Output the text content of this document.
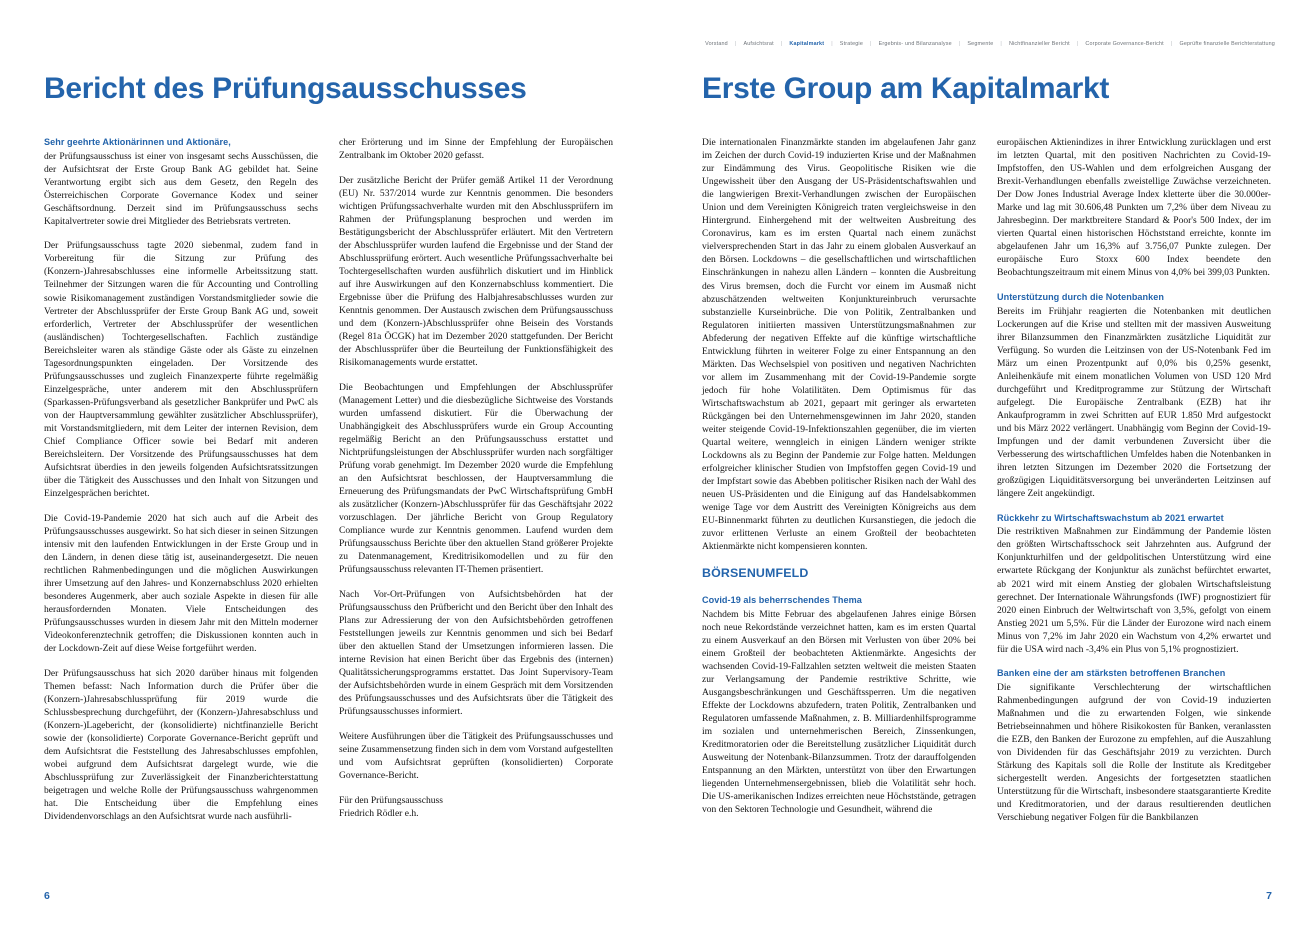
Bericht des Prüfungsausschusses
Sehr geehrte Aktionärinnen und Aktionäre,

der Prüfungsausschuss ist einer von insgesamt sechs Ausschüssen, die der Aufsichtsrat der Erste Group Bank AG gebildet hat. Seine Verantwortung ergibt sich aus dem Gesetz, den Regeln des Österreichischen Corporate Governance Kodex und seiner Geschäftsordnung. Derzeit sind im Prüfungsausschuss sechs Kapitalvertreter sowie drei Mitglieder des Betriebsrats vertreten.

Der Prüfungsausschuss tagte 2020 siebenmal, zudem fand in Vorbereitung für die Sitzung zur Prüfung des (Konzern-)Jahresabschlusses eine informelle Arbeitssitzung statt. Teilnehmer der Sitzungen waren die für Accounting und Controlling sowie Risikomanagement zuständigen Vorstandsmitglieder sowie die Vertreter der Abschlussprüfer der Erste Group Bank AG und, soweit erforderlich, Vertreter der Abschlussprüfer der wesentlichen (ausländischen) Tochtergesellschaften. Fachlich zuständige Bereichsleiter waren als ständige Gäste oder als Gäste zu einzelnen Tagesordnungspunkten eingeladen. Der Vorsitzende des Prüfungsausschusses und zugleich Finanzexperte führte regelmäßig Einzelgespräche, unter anderem mit den Abschlussprüfern (Sparkassen-Prüfungsverband als gesetzlicher Bankprüfer und PwC als von der Hauptversammlung gewählter zusätzlicher Abschlussprüfer), mit Vorstandsmitgliedern, mit dem Leiter der internen Revision, dem Chief Compliance Officer sowie bei Bedarf mit anderen Bereichsleitern. Der Vorsitzende des Prüfungsausschusses hat dem Aufsichtsrat überdies in den jeweils folgenden Aufsichtsratssitzungen über die Tätigkeit des Ausschusses und den Inhalt von Sitzungen und Einzelgesprächen berichtet.

Die Covid-19-Pandemie 2020 hat sich auch auf die Arbeit des Prüfungsausschusses ausgewirkt. So hat sich dieser in seinen Sitzungen intensiv mit den laufenden Entwicklungen in der Erste Group und in den Ländern, in denen diese tätig ist, auseinandergesetzt. Die neuen rechtlichen Rahmenbedingungen und die möglichen Auswirkungen ihrer Umsetzung auf den Jahres- und Konzernabschluss 2020 erhielten besonderes Augenmerk, aber auch soziale Aspekte in diesen für alle herausfordernden Monaten. Viele Entscheidungen des Prüfungsausschusses wurden in diesem Jahr mit den Mitteln moderner Videokonferenztechnik getroffen; die Diskussionen konnten auch in der Lockdown-Zeit auf diese Weise fortgeführt werden.

Der Prüfungsausschuss hat sich 2020 darüber hinaus mit folgenden Themen befasst: Nach Information durch die Prüfer über die (Konzern-)Jahresabschlussprüfung für 2019 wurde die Schlussbesprechung durchgeführt, der (Konzern-)Jahresabschluss und (Konzern-)Lagebericht, der (konsolidierte) nichtfinanzielle Bericht sowie der (konsolidierte) Corporate Governance-Bericht geprüft und dem Aufsichtsrat die Feststellung des Jahresabschlusses empfohlen, wobei aufgrund dem Aufsichtsrat dargelegt wurde, wie die Abschlussprüfung zur Zuverlässigkeit der Finanzberichterstattung beigetragen und welche Rolle der Prüfungsausschuss wahrgenommen hat. Die Entscheidung über die Empfehlung eines Dividendenvorschlags an den Aufsichtsrat wurde nach ausführli-

cher Erörterung und im Sinne der Empfehlung der Europäischen Zentralbank im Oktober 2020 gefasst.

Der zusätzliche Bericht der Prüfer gemäß Artikel 11 der Verordnung (EU) Nr. 537/2014 wurde zur Kenntnis genommen. Die besonders wichtigen Prüfungssachverhalte wurden mit den Abschlussprüfern im Rahmen der Prüfungsplanung besprochen und werden im Bestätigungsbericht der Abschlussprüfer erläutert. Mit den Vertretern der Abschlussprüfer wurden laufend die Ergebnisse und der Stand der Abschlussprüfung erörtert. Auch wesentliche Prüfungssachverhalte bei Tochtergesellschaften wurden ausführlich diskutiert und im Hinblick auf ihre Auswirkungen auf den Konzernabschluss kommentiert. Die Ergebnisse über die Prüfung des Halbjahresabschlusses wurden zur Kenntnis genommen. Der Austausch zwischen dem Prüfungsausschuss und dem (Konzern-)Abschlussprüfer ohne Beisein des Vorstands (Regel 81a ÖCGK) hat im Dezember 2020 stattgefunden. Der Bericht der Abschlussprüfer über die Beurteilung der Funktionsfähigkeit des Risikomanagements wurde erstattet.

Die Beobachtungen und Empfehlungen der Abschlussprüfer (Management Letter) und die diesbezügliche Sichtweise des Vorstands wurden umfassend diskutiert. Für die Überwachung der Unabhängigkeit des Abschlussprüfers wurde ein Group Accounting regelmäßig Bericht an den Prüfungsausschuss erstattet und Nichtprüfungsleistungen der Abschlussprüfer wurden nach sorgfältiger Prüfung vorab genehmigt. Im Dezember 2020 wurde die Empfehlung an den Aufsichtsrat beschlossen, der Hauptversammlung die Erneuerung des Prüfungsmandats der PwC Wirtschaftsprüfung GmbH als zusätzlicher (Konzern-)Abschlussprüfer für das Geschäftsjahr 2022 vorzuschlagen. Der jährliche Bericht von Group Regulatory Compliance wurde zur Kenntnis genommen. Laufend wurden dem Prüfungsausschuss Berichte über den aktuellen Stand größerer Projekte zu Datenmanagement, Kreditrisikomodellen und zu für den Prüfungsausschuss relevanten IT-Themen präsentiert.

Nach Vor-Ort-Prüfungen von Aufsichtsbehörden hat der Prüfungsausschuss den Prüfbericht und den Bericht über den Inhalt des Plans zur Adressierung der von den Aufsichtsbehörden getroffenen Feststellungen jeweils zur Kenntnis genommen und sich bei Bedarf über den aktuellen Stand der Umsetzungen informieren lassen. Die interne Revision hat einen Bericht über das Ergebnis des (internen) Qualitätssicherungsprogramms erstattet. Das Joint Supervisory-Team der Aufsichtsbehörden wurde in einem Gespräch mit dem Vorsitzenden des Prüfungsausschusses und des Aufsichtsrats über die Tätigkeit des Prüfungsausschusses informiert.

Weitere Ausführungen über die Tätigkeit des Prüfungsausschusses und seine Zusammensetzung finden sich in dem vom Vorstand aufgestellten und vom Aufsichtsrat geprüften (konsolidierten) Corporate Governance-Bericht.

Für den Prüfungsausschuss
Friedrich Rödler e.h.
6
Vorstand	|	Aufsichtsrat	|	Kapitalmarkt	|	Strategie	|	Ergebnis- und Bilanzanalyse	|	Segmente	|	Nichtfinanzieller Bericht	|	Corporate Governance-Bericht	|	Geprüfte finanzielle Berichterstattung
Erste Group am Kapitalmarkt

Die internationalen Finanzmärkte standen im abgelaufenen Jahr ganz im Zeichen der durch Covid-19 induzierten Krise und der Maßnahmen zur Eindämmung des Virus. Geopolitische Risiken wie die Ungewissheit über den Ausgang der US-Präsidentschaftswahlen und die langwierigen Brexit-Verhandlungen zwischen der Europäischen Union und dem Vereinigten Königreich traten vergleichsweise in den Hintergrund. Einhergehend mit der weltweiten Ausbreitung des Coronavirus, kam es im ersten Quartal nach einem zunächst vielversprechenden Start in das Jahr zu einem globalen Ausverkauf an den Börsen. Lockdowns – die gesellschaftlichen und wirtschaftlichen Einschränkungen in nahezu allen Ländern – konnten die Ausbreitung des Virus bremsen, doch die Furcht vor einem im Ausmaß nicht abzuschätzenden weltweiten Konjunktureinbruch verursachte substanzielle Kurseinbrüche. Die von Politik, Zentralbanken und Regulatoren initiierten massiven Unterstützungsmaßnahmen zur Abfederung der negativen Effekte auf die künftige wirtschaftliche Entwicklung führten in weiterer Folge zu einer Entspannung an den Märkten. Das Wechselspiel von positiven und negativen Nachrichten vor allem im Zusammenhang mit der Covid-19-Pandemie sorgte jedoch für hohe Volatilitäten. Dem Optimismus für das Wirtschaftswachstum ab 2021, gepaart mit geringer als erwarteten Rückgängen bei den Unternehmensgewinnen im Jahr 2020, standen weiter steigende Covid-19-Infektionszahlen gegenüber, die im vierten Quartal weitere, wenngleich in einigen Ländern weniger strikte Lockdowns als zu Beginn der Pandemie zur Folge hatten. Meldungen erfolgreicher klinischer Studien von Impfstoffen gegen Covid-19 und der Impfstart sowie das Abebben politischer Risiken nach der Wahl des neuen US-Präsidenten und die Einigung auf das Handelsabkommen wenige Tage vor dem Austritt des Vereinigten Königreichs aus dem EU-Binnenmarkt führten zu deutlichen Kursanstiegen, die jedoch die zuvor erlittenen Verluste an einem Großteil der beobachteten Aktienmärkte nicht kompensieren konnten.

BÖRSENUMFELD
Covid-19 als beherrschendes Thema

Nachdem bis Mitte Februar des abgelaufenen Jahres einige Börsen noch neue Rekordstände verzeichnet hatten, kam es im ersten Quartal zu einem Ausverkauf an den Börsen mit Verlusten von über 20% bei einem Großteil der beobachteten Aktienmärkte. Angesichts der wachsenden Covid-19-Fallzahlen setzten weltweit die meisten Staaten zur Verlangsamung der Pandemie restriktive Schritte, wie Ausgangsbeschränkungen und Geschäftssperren. Um die negativen Effekte der Lockdowns abzufedern, traten Politik, Zentralbanken und Regulatoren umfassende Maßnahmen, z. B. Milliardenhilfsprogramme im sozialen und unternehmerischen Bereich, Zinssenkungen, Kreditmoratorien oder die Bereitstellung zusätzlicher Liquidität durch Ausweitung der Notenbank-Bilanzsummen. Trotz der darauffolgenden Entspannung an den Märkten, unterstützt von über den Erwartungen liegenden Unternehmensergebnissen, blieb die Volatilität sehr hoch. Die US-amerikanischen Indizes erreichten neue Höchststände, getragen von den Sektoren Technologie und Gesundheit, während die

europäischen Aktienindizes in ihrer Entwicklung zurücklagen und erst im letzten Quartal, mit den positiven Nachrichten zu Covid-19-Impfstoffen, den US-Wahlen und dem erfolgreichen Ausgang der Brexit-Verhandlungen ebenfalls zweistellige Zuwächse verzeichneten. Der Dow Jones Industrial Average Index kletterte über die 30.000er-Marke und lag mit 30.606,48 Punkten um 7,2% über dem Niveau zu Jahresbeginn. Der marktbreitere Standard & Poor's 500 Index, der im vierten Quartal einen historischen Höchststand erreichte, konnte im abgelaufenen Jahr um 16,3% auf 3.756,07 Punkte zulegen. Der europäische Euro Stoxx 600 Index beendete den Beobachtungszeitraum mit einem Minus von 4,0% bei 399,03 Punkten.

Unterstützung durch die Notenbanken

Bereits im Frühjahr reagierten die Notenbanken mit deutlichen Lockerungen auf die Krise und stellten mit der massiven Ausweitung ihrer Bilanzsummen den Finanzmärkten zusätzliche Liquidität zur Verfügung. So wurden die Leitzinsen von der US-Notenbank Fed im März um einen Prozentpunkt auf 0,0% bis 0,25% gesenkt, Anleihenkäufe mit einem monatlichen Volumen von USD 120 Mrd durchgeführt und Kreditprogramme zur Stützung der Wirtschaft aufgelegt. Die Europäische Zentralbank (EZB) hat ihr Ankaufprogramm in zwei Schritten auf EUR 1.850 Mrd aufgestockt und bis März 2022 verlängert. Unabhängig vom Beginn der Covid-19-Impfungen und der damit verbundenen Zuversicht über die Verbesserung des wirtschaftlichen Umfeldes haben die Notenbanken in ihren letzten Sitzungen im Dezember 2020 die Fortsetzung der großzügigen Liquiditätsversorgung bei unveränderten Leitzinsen auf längere Zeit angekündigt.

Rückkehr zu Wirtschaftswachstum ab 2021 erwartet

Die restriktiven Maßnahmen zur Eindämmung der Pandemie lösten den größten Wirtschaftsschock seit Jahrzehnten aus. Aufgrund der Konjunkturhilfen und der geldpolitischen Unterstützung wird eine erwartete Rückgang der Konjunktur als zunächst befürchtet erwartet, ab 2021 wird mit einem Anstieg der globalen Wirtschaftsleistung gerechnet. Der Internationale Währungsfonds (IWF) prognostiziert für 2020 einen Einbruch der Weltwirtschaft von 3,5%, gefolgt von einem Anstieg 2021 um 5,5%. Für die Länder der Eurozone wird nach einem Minus von 7,2% im Jahr 2020 ein Wachstum von 4,2% erwartet und für die USA wird nach -3,4% ein Plus von 5,1% prognostiziert.

Banken eine der am stärksten betroffenen Branchen

Die signifikante Verschlechterung der wirtschaftlichen Rahmenbedingungen aufgrund der von Covid-19 induzierten Maßnahmen und die zu erwartenden Folgen, wie sinkende Betriebseinnahmen und höhere Risikokosten für Banken, veranlassten die EZB, den Banken der Eurozone zu empfehlen, auf die Auszahlung von Dividenden für das Geschäftsjahr 2019 zu verzichten. Durch Stärkung des Kapitals soll die Rolle der Institute als Kreditgeber sichergestellt werden. Angesichts der fortgesetzten staatlichen Unterstützung für die Wirtschaft, insbesondere staatsgarantierte Kredite und Kreditmoratorien, und der daraus resultierenden deutlichen Verschiebung negativer Folgen für die Bankbilanzen

7
